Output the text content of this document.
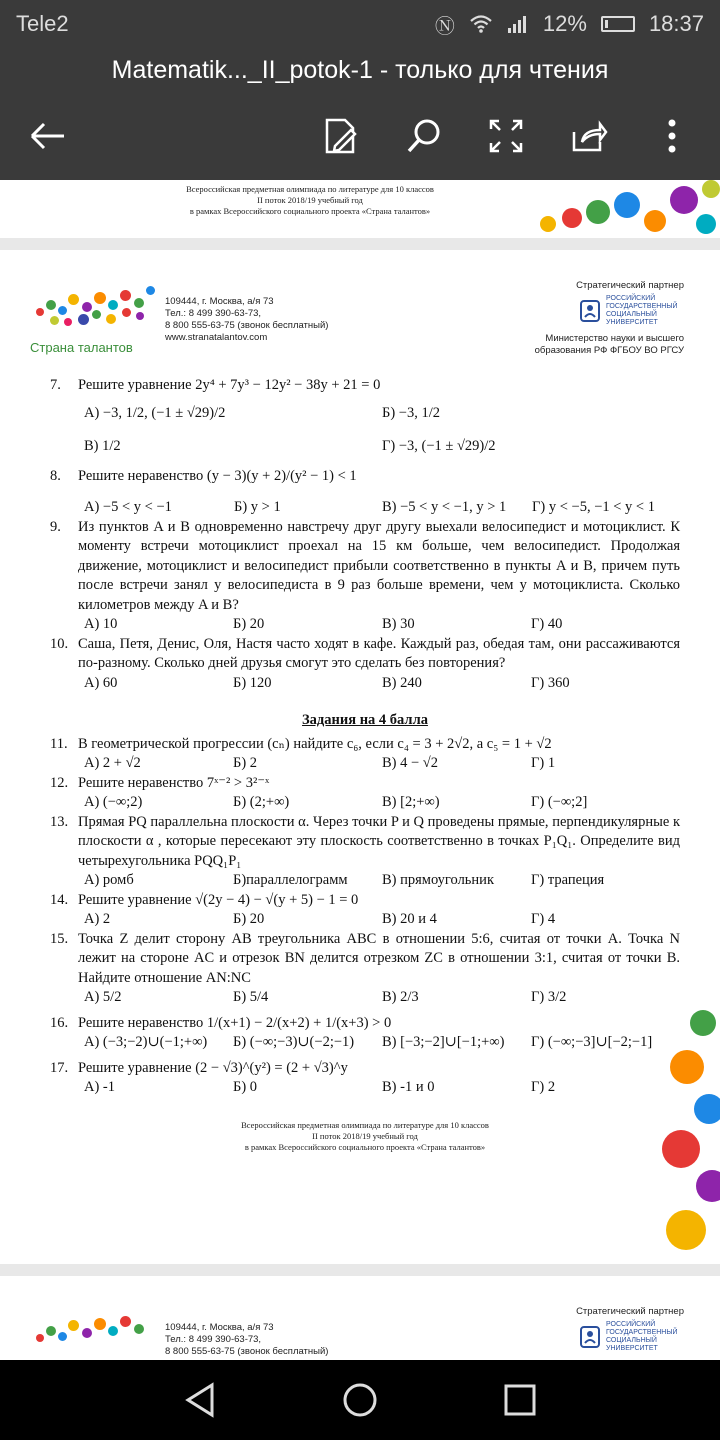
Tele2	Ⓝ	12%	18:37
Matematik..._II_potok-1 - только для чтения
Всероссийская предметная олимпиада по литературе для 10 классов
II поток 2018/19 учебный год
в рамках Всероссийского социального проекта «Страна талантов»
Страна талантов
109444, г. Москва, а/я 73
Тел.: 8 499 390-63-73,
8 800 555-63-75 (звонок бесплатный)
www.stranatalantov.com
Стратегический партнер
РОССИЙСКИЙ ГОСУДАРСТВЕННЫЙ СОЦИАЛЬНЫЙ УНИВЕРСИТЕТ
Министерство науки и высшего
образования РФ ФГБОУ ВО РГСУ
7.	Решите уравнение 2y⁴ + 7y³ − 12y² − 38y + 21 = 0
А) −3, 1/2, (−1 ± √29)/2	Б) −3, 1/2
В) 1/2	Г) −3, (−1 ± √29)/2
8.	Решите неравенство (y − 3)(y + 2)/(y² − 1) < 1
А) −5 < y < −1	Б) y > 1	В) −5 < y < −1, y > 1	Г) y < −5, −1 < y < 1
9.	Из пунктов A и B одновременно навстречу друг другу выехали велосипедист и мотоциклист. К моменту встречи мотоциклист проехал на 15 км больше, чем велосипедист. Продолжая движение, мотоциклист и велосипедист прибыли соответственно в пункты A и B, причем путь после встречи занял у велосипедиста в 9 раз больше времени, чем у мотоциклиста. Сколько километров между A и B?
А) 10	Б) 20	В) 30	Г) 40
10. Саша, Петя, Денис, Оля, Настя часто ходят в кафе. Каждый раз, обедая там, они рассаживаются по-разному. Сколько дней друзья смогут это сделать без повторения?
А) 60	Б) 120	В) 240	Г) 360
Задания на 4 балла
11. В геометрической прогрессии (cₙ) найдите c₆, если c₄ = 3 + 2√2, а c₅ = 1 + √2
А) 2 + √2	Б) 2	В) 4 − √2	Г) 1
12. Решите неравенство 7ˣ⁻² > 3²⁻ˣ
А) (−∞;2)	Б) (2;+∞)	В) [2;+∞)	Г) (−∞;2]
13. Прямая PQ параллельна плоскости α. Через точки P и Q проведены прямые, перпендикулярные к плоскости α , которые пересекают эту плоскость соответственно в точках P₁Q₁. Определите вид четырехугольника PQQ₁P₁
А) ромб	Б)параллелограмм	В) прямоугольник	Г) трапеция
14. Решите уравнение √(2y − 4) − √(y + 5) − 1 = 0
А) 2	Б) 20	В) 20 и 4	Г) 4
15. Точка Z делит сторону AB треугольника ABC в отношении 5:6, считая от точки A. Точка N лежит на стороне AC и отрезок BN делится отрезком ZC в отношении 3:1, считая от точки B. Найдите отношение AN:NC
А) 5/2	Б) 5/4	В) 2/3	Г) 3/2
16. Решите неравенство 1/(x+1) − 2/(x+2) + 1/(x+3) > 0
А) (−3;−2)∪(−1;+∞)	Б) (−∞;−3)∪(−2;−1)	В) [−3;−2]∪[−1;+∞)	Г) (−∞;−3]∪[−2;−1]
17. Решите уравнение (2 − √3)^(y²) = (2 + √3)^y
А) -1	Б) 0	В) -1 и 0	Г) 2
Всероссийская предметная олимпиада по литературе для 10 классов
II поток 2018/19 учебный год
в рамках Всероссийского социального проекта «Страна талантов»
109444, г. Москва, а/я 73
Тел.: 8 499 390-63-73,
8 800 555-63-75 (звонок бесплатный)
Стратегический партнер
РОССИЙСКИЙ ГОСУДАРСТВЕННЫЙ СОЦИАЛЬНЫЙ УНИВЕРСИТЕТ
